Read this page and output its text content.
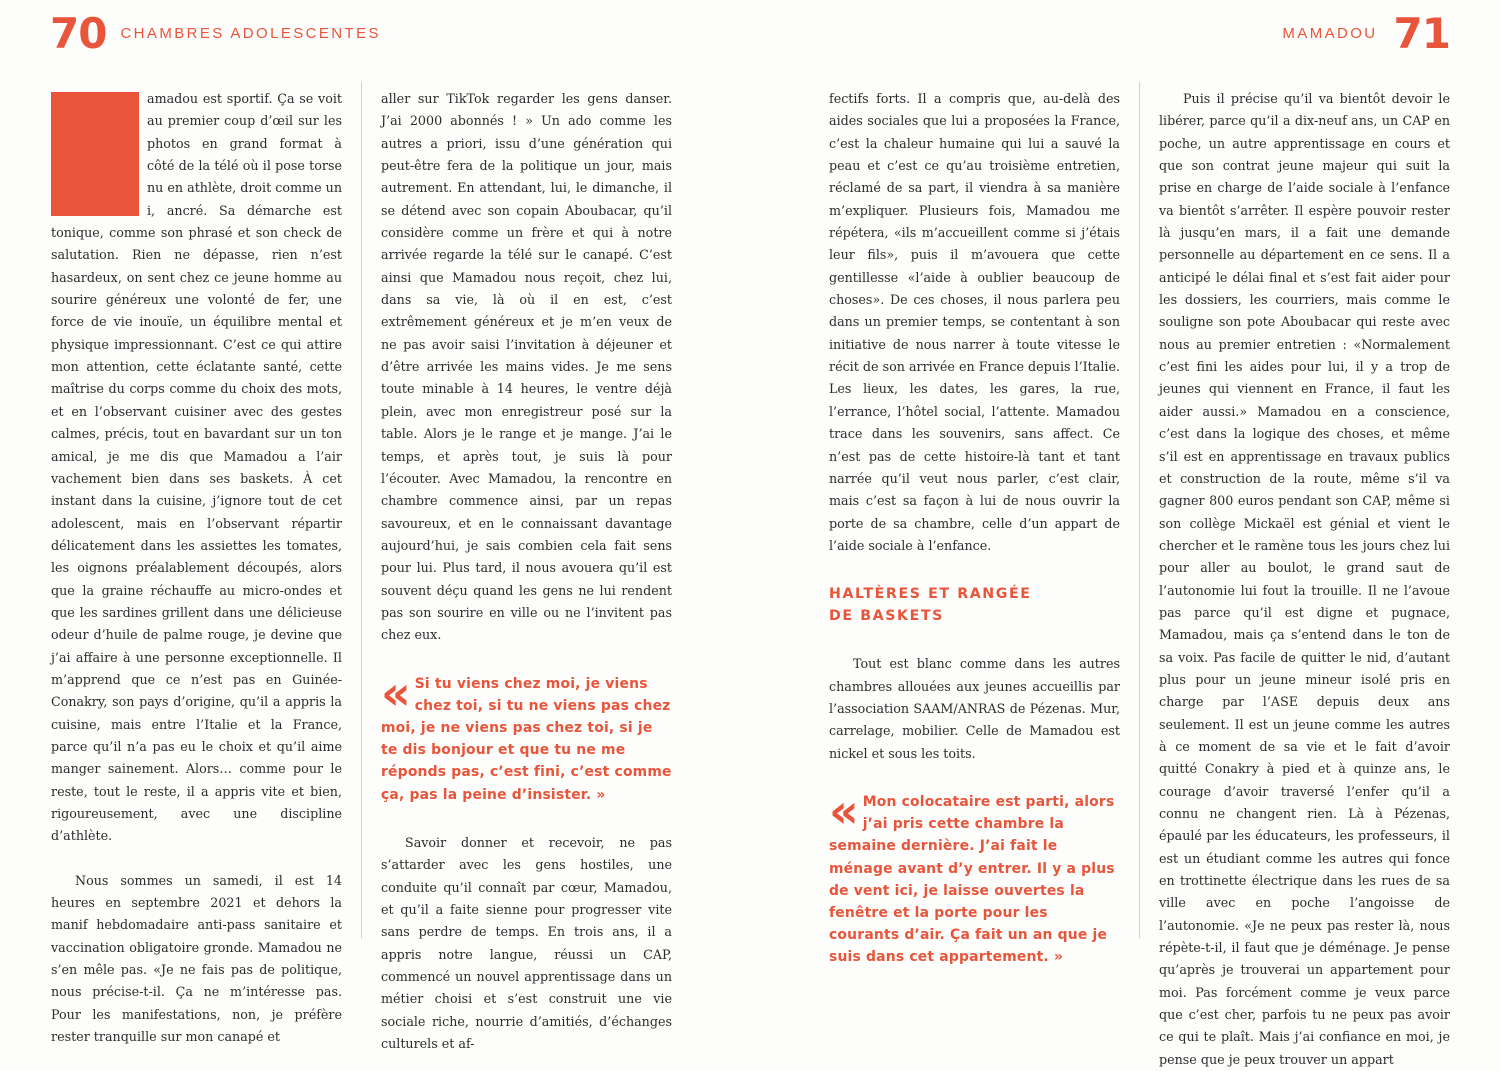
70 CHAMBRES ADOLESCENTES	MAMADOU 71
M amadou est sportif. Ça se voit au premier coup d’œil sur les photos en grand format à côté de la télé où il pose torse nu en athlète, droit comme un i, ancré. Sa démarche est tonique, comme son phrasé et son check de salutation. Rien ne dépasse, rien n’est hasardeux, on sent chez ce jeune homme au sourire généreux une volonté de fer, une force de vie inouïe, un équilibre mental et physique impressionnant. C’est ce qui attire mon attention, cette éclatante santé, cette maîtrise du corps comme du choix des mots, et en l’observant cuisiner avec des gestes calmes, précis, tout en bavardant sur un ton amical, je me dis que Mamadou a l’air vachement bien dans ses baskets. À cet instant dans la cuisine, j’ignore tout de cet adolescent, mais en l’observant répartir délicatement dans les assiettes les tomates, les oignons préalablement découpés, alors que la graine réchauffe au micro-ondes et que les sardines grillent dans une délicieuse odeur d’huile de palme rouge, je devine que j’ai affaire à une personne exceptionnelle. Il m’apprend que ce n’est pas en Guinée-Conakry, son pays d’origine, qu’il a appris la cuisine, mais entre l’Italie et la France, parce qu’il n’a pas eu le choix et qu’il aime manger sainement. Alors… comme pour le reste, tout le reste, il a appris vite et bien, rigoureusement, avec une discipline d’athlète.

Nous sommes un samedi, il est 14 heures en septembre 2021 et dehors la manif hebdomadaire anti-pass sanitaire et vaccination obligatoire gronde. Mamadou ne s’en mêle pas. «Je ne fais pas de politique, nous précise-t-il. Ça ne m’intéresse pas. Pour les manifestations, non, je préfère rester tranquille sur mon canapé et

aller sur TikTok regarder les gens danser. J’ai 2000 abonnés ! » Un ado comme les autres a priori, issu d’une génération qui peut-être fera de la politique un jour, mais autrement. En attendant, lui, le dimanche, il se détend avec son copain Aboubacar, qu’il considère comme un frère et qui à notre arrivée regarde la télé sur le canapé. C’est ainsi que Mamadou nous reçoit, chez lui, dans sa vie, là où il en est, c’est extrêmement généreux et je m’en veux de ne pas avoir saisi l’invitation à déjeuner et d’être arrivée les mains vides. Je me sens toute minable à 14 heures, le ventre déjà plein, avec mon enregistreur posé sur la table. Alors je le range et je mange. J’ai le temps, et après tout, je suis là pour l’écouter. Avec Mamadou, la rencontre en chambre commence ainsi, par un repas savoureux, et en le connaissant davantage aujourd’hui, je sais combien cela fait sens pour lui. Plus tard, il nous avouera qu’il est souvent déçu quand les gens ne lui rendent pas son sourire en ville ou ne l’invitent pas chez eux.

« Si tu viens chez moi, je viens chez toi, si tu ne viens pas chez moi, je ne viens pas chez toi, si je te dis bonjour et que tu ne me réponds pas, c’est fini, c’est comme ça, pas la peine d’insister. »

Savoir donner et recevoir, ne pas s’attarder avec les gens hostiles, une conduite qu’il connaît par cœur, Mamadou, et qu’il a faite sienne pour progresser vite sans perdre de temps. En trois ans, il a appris notre langue, réussi un CAP, commencé un nouvel apprentissage dans un métier choisi et s’est construit une vie sociale riche, nourrie d’amitiés, d’échanges culturels et af-

fectifs forts. Il a compris que, au-delà des aides sociales que lui a proposées la France, c’est la chaleur humaine qui lui a sauvé la peau et c’est ce qu’au troisième entretien, réclamé de sa part, il viendra à sa manière m’expliquer. Plusieurs fois, Mamadou me répétera, «ils m’accueillent comme si j’étais leur fils», puis il m’avouera que cette gentillesse «l’aide à oublier beaucoup de choses». De ces choses, il nous parlera peu dans un premier temps, se contentant à son initiative de nous narrer à toute vitesse le récit de son arrivée en France depuis l’Italie. Les lieux, les dates, les gares, la rue, l’errance, l’hôtel social, l’attente. Mamadou trace dans les souvenirs, sans affect. Ce n’est pas de cette histoire-là tant et tant narrée qu’il veut nous parler, c’est clair, mais c’est sa façon à lui de nous ouvrir la porte de sa chambre, celle d’un appart de l’aide sociale à l’enfance.

HALTÈRES ET RANGÉE
DE BASKETS

Tout est blanc comme dans les autres chambres allouées aux jeunes accueillis par l’association SAAM/ANRAS de Pézenas. Mur, carrelage, mobilier. Celle de Mamadou est nickel et sous les toits.

« Mon colocataire est parti, alors j’ai pris cette chambre la semaine dernière. J’ai fait le ménage avant d’y entrer. Il y a plus de vent ici, je laisse ouvertes la fenêtre et la porte pour les courants d’air. Ça fait un an que je suis dans cet appartement. »

Puis il précise qu’il va bientôt devoir le libérer, parce qu’il a dix-neuf ans, un CAP en poche, un autre apprentissage en cours et que son contrat jeune majeur qui suit la prise en charge de l’aide sociale à l’enfance va bientôt s’arrêter. Il espère pouvoir rester là jusqu’en mars, il a fait une demande personnelle au département en ce sens. Il a anticipé le délai final et s’est fait aider pour les dossiers, les courriers, mais comme le souligne son pote Aboubacar qui reste avec nous au premier entretien : «Normalement c’est fini les aides pour lui, il y a trop de jeunes qui viennent en France, il faut les aider aussi.» Mamadou en a conscience, c’est dans la logique des choses, et même s’il est en apprentissage en travaux publics et construction de la route, même s’il va gagner 800 euros pendant son CAP, même si son collège Mickaël est génial et vient le chercher et le ramène tous les jours chez lui pour aller au boulot, le grand saut de l’autonomie lui fout la trouille. Il ne l’avoue pas parce qu’il est digne et pugnace, Mamadou, mais ça s’entend dans le ton de sa voix. Pas facile de quitter le nid, d’autant plus pour un jeune mineur isolé pris en charge par l’ASE depuis deux ans seulement. Il est un jeune comme les autres à ce moment de sa vie et le fait d’avoir quitté Conakry à pied et à quinze ans, le courage d’avoir traversé l’enfer qu’il a connu ne changent rien. Là à Pézenas, épaulé par les éducateurs, les professeurs, il est un étudiant comme les autres qui fonce en trottinette électrique dans les rues de sa ville avec en poche l’angoisse de l’autonomie. «Je ne peux pas rester là, nous répète-t-il, il faut que je déménage. Je pense qu’après je trouverai un appartement pour moi. Pas forcément comme je veux parce que c’est cher, parfois tu ne peux pas avoir ce qui te plaît. Mais j’ai confiance en moi, je pense que je peux trouver un appart
